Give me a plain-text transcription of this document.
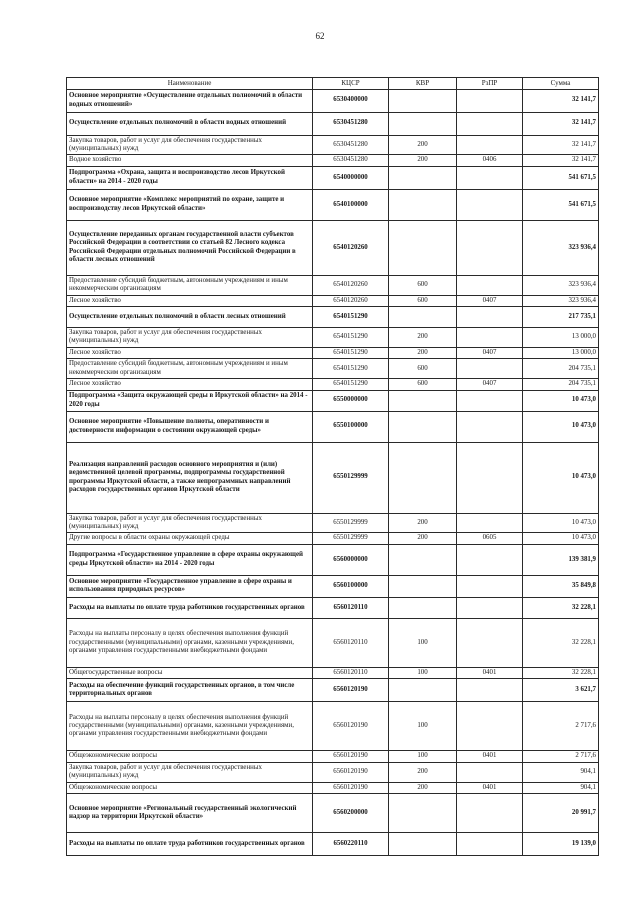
62
Наименование	КЦСР	КВР	РзПР	Сумма
Основное мероприятие «Осуществление отдельных полномочий в области водных отношений»	6530400000			32 141,7
Осуществление отдельных полномочий в области водных отношений	6530451280			32 141,7
Закупка товаров, работ и услуг для обеспечения государственных (муниципальных) нужд	6530451280	200		32 141,7
Водное хозяйство	6530451280	200	0406	32 141,7
Подпрограмма «Охрана, защита и воспроизводство лесов Иркутской области» на 2014 - 2020 годы	6540000000			541 671,5
Основное мероприятие «Комплекс мероприятий по охране, защите и воспроизводству лесов Иркутской области»	6540100000			541 671,5
Осуществление переданных органам государственной власти субъектов Российской Федерации в соответствии со статьей 82 Лесного кодекса Российской Федерации отдельных полномочий Российской Федерации в области лесных отношений	6540120260			323 936,4
Предоставление субсидий бюджетным, автономным учреждениям и иным некоммерческим организациям	6540120260	600		323 936,4
Лесное хозяйство	6540120260	600	0407	323 936,4
Осуществление отдельных полномочий в области лесных отношений	6540151290			217 735,1
Закупка товаров, работ и услуг для обеспечения государственных (муниципальных) нужд	6540151290	200		13 000,0
Лесное хозяйство	6540151290	200	0407	13 000,0
Предоставление субсидий бюджетным, автономным учреждениям и иным некоммерческим организациям	6540151290	600		204 735,1
Лесное хозяйство	6540151290	600	0407	204 735,1
Подпрограмма «Защита окружающей среды в Иркутской области» на 2014 - 2020 годы	6550000000			10 473,0
Основное мероприятие «Повышение полноты, оперативности и достоверности информации о состоянии окружающей среды»	6550100000			10 473,0
Реализация направлений расходов основного мероприятия и (или) ведомственной целевой программы, подпрограммы государственной программы Иркутской области, а также непрограммных направлений расходов государственных органов Иркутской области	6550129999			10 473,0
Закупка товаров, работ и услуг для обеспечения государственных (муниципальных) нужд	6550129999	200		10 473,0
Другие вопросы в области охраны окружающей среды	6550129999	200	0605	10 473,0
Подпрограмма «Государственное управление в сфере охраны окружающей среды Иркутской области» на 2014 - 2020 годы	6560000000			139 381,9
Основное мероприятие «Государственное управление в сфере охраны и использования природных ресурсов»	6560100000			35 849,8
Расходы на выплаты по оплате труда работников государственных органов	6560120110			32 228,1
Расходы на выплаты персоналу в целях обеспечения выполнения функций государственными (муниципальными) органами, казенными учреждениями, органами управления государственными внебюджетными фондами	6560120110	100		32 228,1
Общегосударственные вопросы	6560120110	100	0401	32 228,1
Расходы на обеспечение функций государственных органов, в том числе территориальных органов	6560120190			3 621,7
Расходы на выплаты персоналу в целях обеспечения выполнения функций государственными (муниципальными) органами, казенными учреждениями, органами управления государственными внебюджетными фондами	6560120190	100		2 717,6
Общеэкономические вопросы	6560120190	100	0401	2 717,6
Закупка товаров, работ и услуг для обеспечения государственных (муниципальных) нужд	6560120190	200		904,1
Общеэкономические вопросы	6560120190	200	0401	904,1
Основное мероприятие «Региональный государственный экологический надзор на территории Иркутской области»	6560200000			20 991,7
Расходы на выплаты по оплате труда работников государственных органов	6560220110			19 139,0
